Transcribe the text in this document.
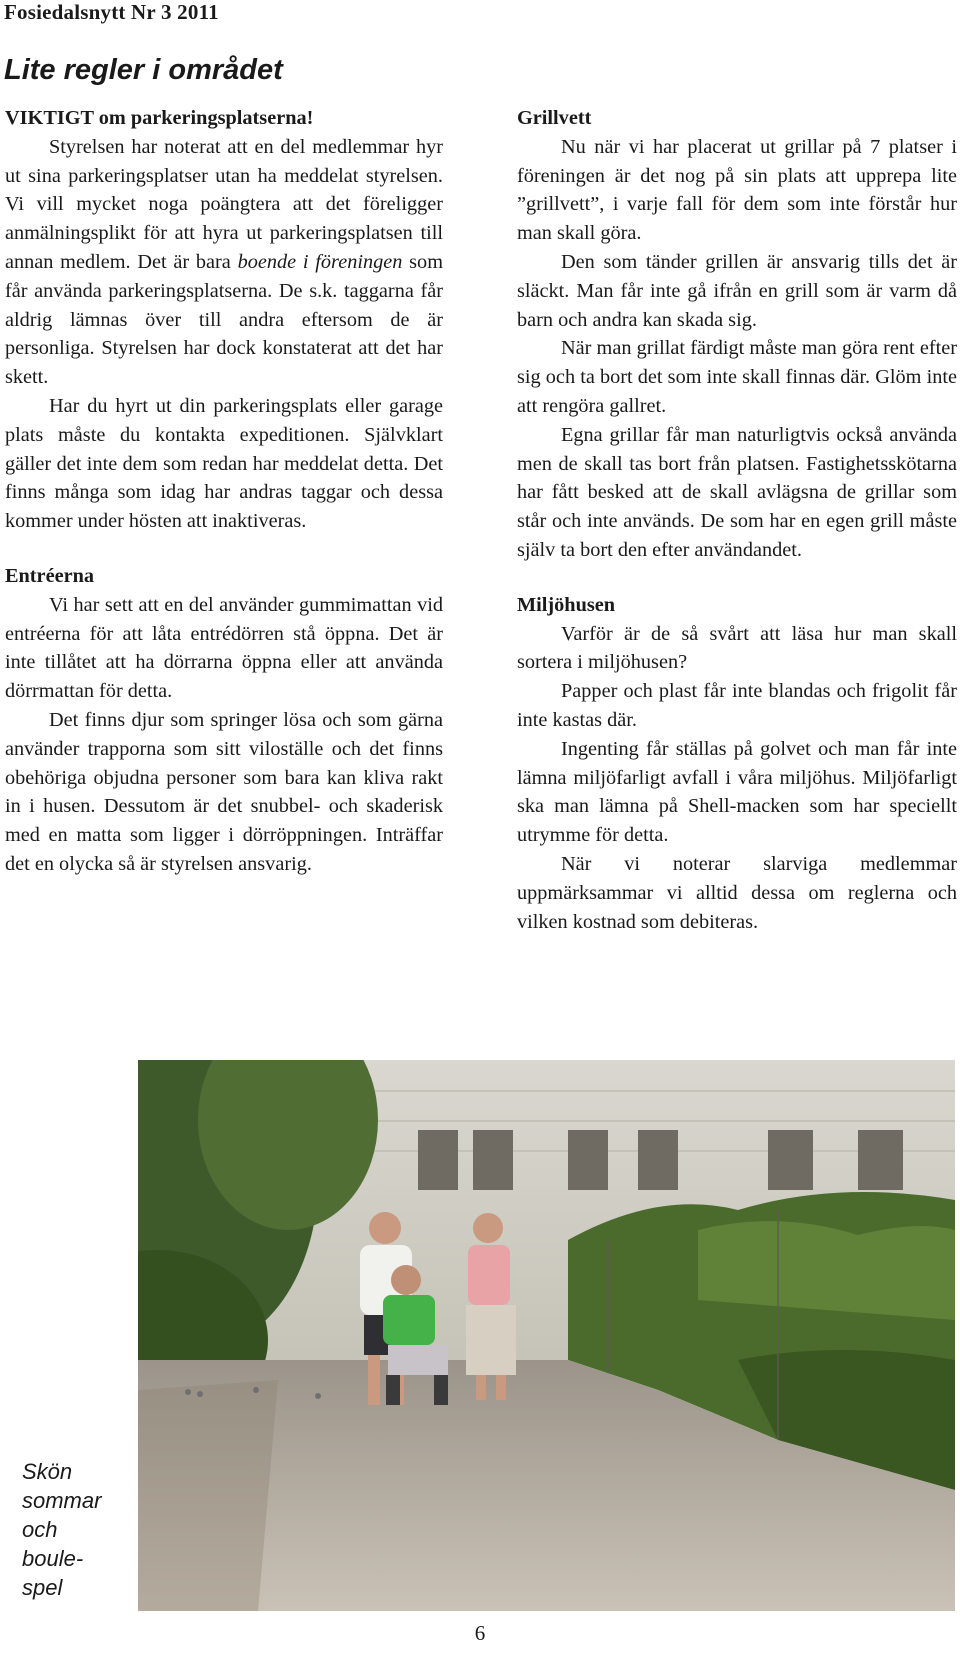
Fosiedalsnytt Nr 3 2011
Lite regler i området
VIKTIGT om parkeringsplatserna!

Styrelsen har noterat att en del medlemmar hyr ut sina parkeringsplatser utan ha meddelat styrelsen. Vi vill mycket noga poängtera att det föreligger anmälningsplikt för att hyra ut parkeringsplatsen till annan medlem. Det är bara boende i föreningen som får använda parkeringsplatserna. De s.k. taggarna får aldrig lämnas över till andra eftersom de är personliga. Styrelsen har dock konstaterat att det har skett.

Har du hyrt ut din parkeringsplats eller garage plats måste du kontakta expeditionen. Självklart gäller det inte dem som redan har meddelat detta. Det finns många som idag har andras taggar och dessa kommer under hösten att inaktiveras.

Entréerna

Vi har sett att en del använder gummimattan vid entréerna för att låta entrédörren stå öppna. Det är inte tillåtet att ha dörrarna öppna eller att använda dörrmattan för detta.

Det finns djur som springer lösa och som gärna använder trapporna som sitt viloställe och det finns obehöriga objudna personer som bara kan kliva rakt in i husen. Dessutom är det snubbel- och skaderisk med en matta som ligger i dörröppningen. Inträffar det en olycka så är styrelsen ansvarig.

Grillvett

Nu när vi har placerat ut grillar på 7 platser i föreningen är det nog på sin plats att upprepa lite ”grillvett”, i varje fall för dem som inte förstår hur man skall göra.

Den som tänder grillen är ansvarig tills det är släckt. Man får inte gå ifrån en grill som är varm då barn och andra kan skada sig.

När man grillat färdigt måste man göra rent efter sig och ta bort det som inte skall finnas där. Glöm inte att rengöra gallret.

Egna grillar får man naturligtvis också använda men de skall tas bort från platsen. Fastighetsskötarna har fått besked att de skall avlägsna de grillar som står och inte används. De som har en egen grill måste själv ta bort den efter användandet.

Miljöhusen

Varför är de så svårt att läsa hur man skall sortera i miljöhusen?

Papper och plast får inte blandas och frigolit får inte kastas där.

Ingenting får ställas på golvet och man får inte lämna miljöfarligt avfall i våra miljöhus. Miljöfarligt ska man lämna på Shell-macken som har speciellt utrymme för detta.

När vi noterar slarviga medlemmar uppmärksammar vi alltid dessa om reglerna och vilken kostnad som debiteras.

Skön
sommar
och
boule-
spel
6
